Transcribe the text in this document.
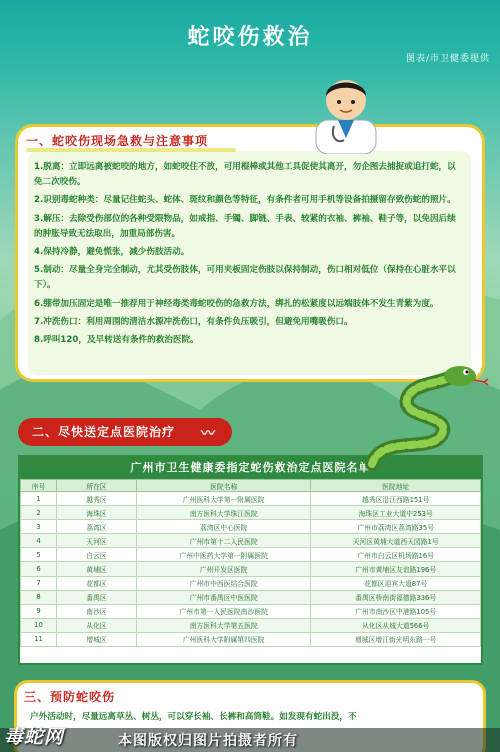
蛇咬伤救治
图表/市卫健委提供
一、蛇咬伤现场急救与注意事项

1.脱离：立即远离被蛇咬的地方，如蛇咬住不放，可用棍棒或其他工具促使其离开，勿企图去捕捉或追打蛇，以免二次咬伤。

2.识别毒蛇种类：尽量记住蛇头、蛇体、斑纹和颜色等特征，有条件者可用手机等设备拍摄留存致伤蛇的照片。

3.解压：去除受伤部位的各种受限物品，如戒指、手镯、脚链、手表、较紧的衣袖、裤袖、鞋子等，以免因后续的肿胀导致无法取出，加重局部伤害。

4.保持冷静，避免慌张，减少伤肢活动。

5.制动：尽量全身完全制动，尤其受伤肢体，可用夹板固定伤肢以保持制动，伤口相对低位（保持在心脏水平以下）。

6.绷带加压固定是唯一推荐用于神经毒类毒蛇咬伤的急救方法，绑扎的松紧度以远端肢体不发生青紫为度。

7.冲洗伤口：利用周围的清洁水源冲洗伤口，有条件负压吸引，但避免用嘴吸伤口。

8.呼叫120，及早转送有条件的救治医院。

二、尽快送定点医院治疗 〰
广州市卫生健康委指定蛇伤救治定点医院名单
序号	所在区	医院名称	医院地址
1	越秀区	广州医科大学第一附属医院	越秀区沿江西路151号
2	海珠区	南方医科大学珠江医院	海珠区工业大道中253号
3	荔湾区	荔湾区中心医院	广州市荔湾区荔湾路35号
4	天河区	广州市第十二人民医院	天河区黄埔大道西天园路1号
5	白云区	广州中医药大学第一附属医院	广州市白云区机场路16号
6	黄埔区	广州开发区医院	广州市黄埔区友谊路196号
7	花都区	广州市中西医结合医院	花都区迎宾大道87号
8	番禺区	广州市番禺区中医医院	番禺区桥南街福德路336号
9	南沙区	广州市第一人民医院南沙医院	广州市南沙区中港路105号
10	从化区	南方医科大学第五医院	从化区从城大道566号
11	增城区	广州医科大学附属第四医院	增城区增江街光明东路一号
三、预防蛇咬伤
户外活动时，尽量远离草丛、树丛，可以穿长袖、长裤和高筒鞋。如发现有蛇出没，不
毒蛇网	本图版权归图片拍摄者所有
